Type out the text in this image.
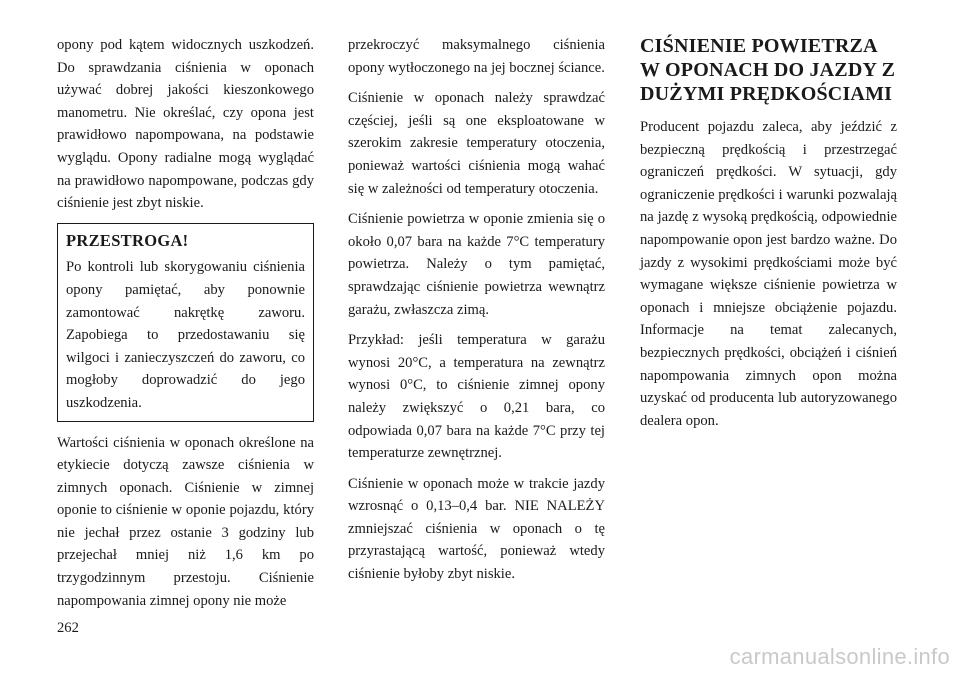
opony pod kątem widocznych uszkodzeń. Do sprawdzania ciśnienia w oponach używać dobrej jakości kieszonkowego manometru. Nie określać, czy opona jest prawidłowo napompowana, na podstawie wyglądu. Opony radialne mogą wyglądać na prawidłowo napompowane, podczas gdy ciśnienie jest zbyt niskie.

PRZESTROGA!

Po kontroli lub skorygowaniu ciśnienia opony pamiętać, aby ponownie zamontować nakrętkę zaworu. Zapobiega to przedostawaniu się wilgoci i zanieczyszczeń do zaworu, co mogłoby doprowadzić do jego uszkodzenia.

Wartości ciśnienia w oponach określone na etykiecie dotyczą zawsze ciśnienia w zimnych oponach. Ciśnienie w zimnej oponie to ciśnienie w oponie pojazdu, który nie jechał przez ostanie 3 godziny lub przejechał mniej niż 1,6 km po trzygodzinnym przestoju. Ciśnienie napompowania zimnej opony nie może

przekroczyć maksymalnego ciśnienia opony wytłoczonego na jej bocznej ściance.

Ciśnienie w oponach należy sprawdzać częściej, jeśli są one eksploatowane w szerokim zakresie temperatury otoczenia, ponieważ wartości ciśnienia mogą wahać się w zależności od temperatury otoczenia.

Ciśnienie powietrza w oponie zmienia się o około 0,07 bara na każde 7°C temperatury powietrza. Należy o tym pamiętać, sprawdzając ciśnienie powietrza wewnątrz garażu, zwłaszcza zimą.

Przykład: jeśli temperatura w garażu wynosi 20°C, a temperatura na zewnątrz wynosi 0°C, to ciśnienie zimnej opony należy zwiększyć o 0,21 bara, co odpowiada 0,07 bara na każde 7°C przy tej temperaturze zewnętrznej.

Ciśnienie w oponach może w trakcie jazdy wzrosnąć o 0,13–0,4 bar. NIE NALEŻY zmniejszać ciśnienia w oponach o tę przyrastającą wartość, ponieważ wtedy ciśnienie byłoby zbyt niskie.

CIŚNIENIE POWIETRZA
W OPONACH DO JAZDY Z
DUŻYMI PRĘDKOŚCIAMI

Producent pojazdu zaleca, aby jeździć z bezpieczną prędkością i przestrzegać ograniczeń prędkości. W sytuacji, gdy ograniczenie prędkości i warunki pozwalają na jazdę z wysoką prędkością, odpowiednie napompowanie opon jest bardzo ważne. Do jazdy z wysokimi prędkościami może być wymagane większe ciśnienie powietrza w oponach i mniejsze obciążenie pojazdu. Informacje na temat zalecanych, bezpiecznych prędkości, obciążeń i ciśnień napompowania zimnych opon można uzyskać od producenta lub autoryzowanego dealera opon.

262
carmanualsonline.info
